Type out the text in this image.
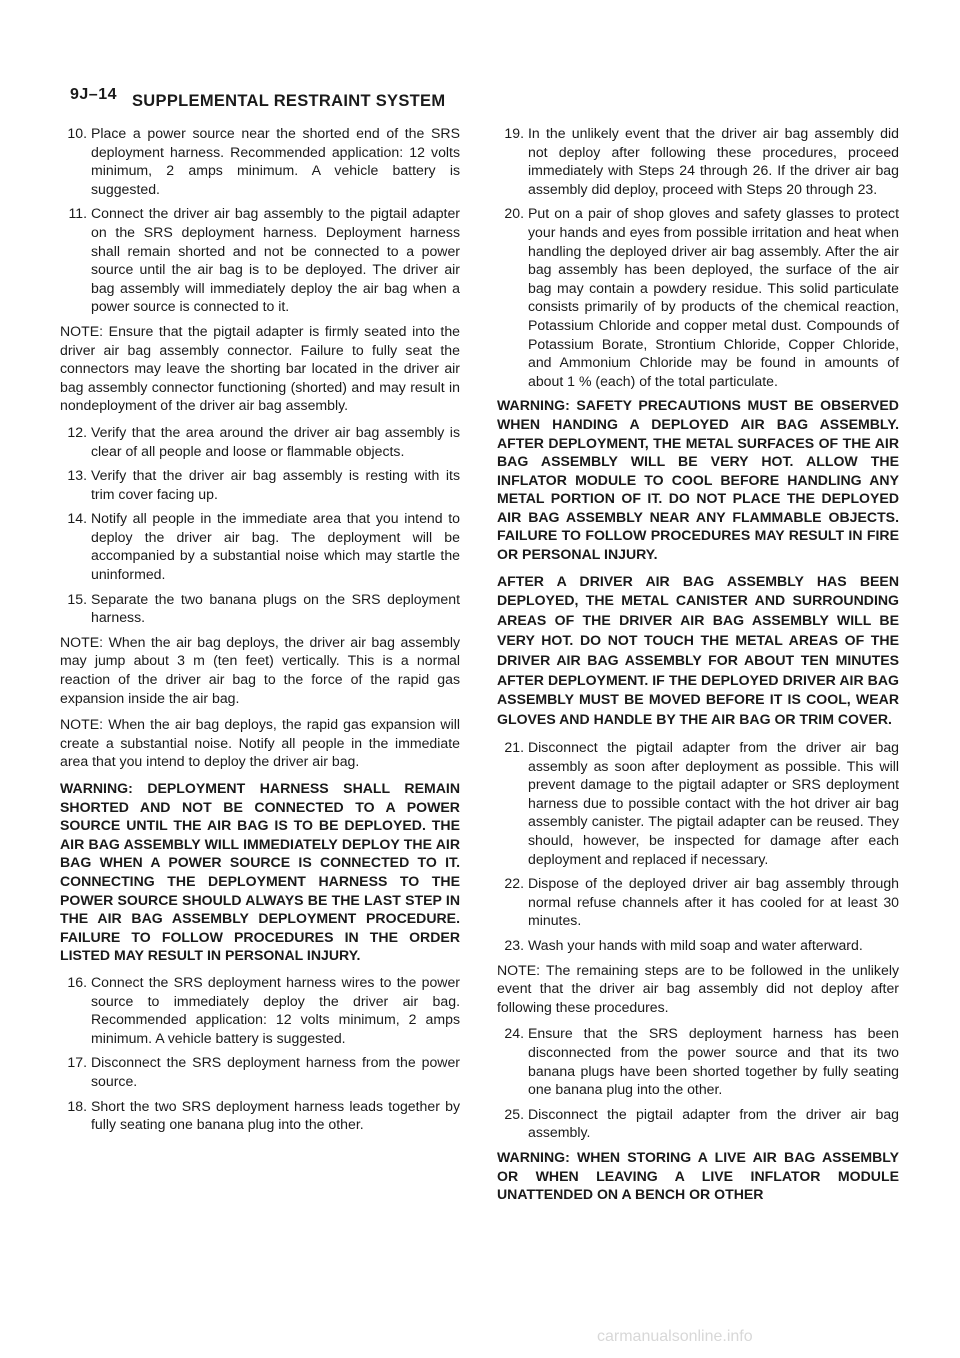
9J–14 SUPPLEMENTAL RESTRAINT SYSTEM
10. Place a power source near the shorted end of the SRS deployment harness. Recommended application: 12 volts minimum, 2 amps minimum. A vehicle battery is suggested.
11. Connect the driver air bag assembly to the pigtail adapter on the SRS deployment harness. Deployment harness shall remain shorted and not be connected to a power source until the air bag is to be deployed. The driver air bag assembly will immediately deploy the air bag when a power source is connected to it.

NOTE: Ensure that the pigtail adapter is firmly seated into the driver air bag assembly connector. Failure to fully seat the connectors may leave the shorting bar located in the driver air bag assembly connector functioning (shorted) and may result in nondeployment of the driver air bag assembly.

12. Verify that the area around the driver air bag assembly is clear of all people and loose or flammable objects.
13. Verify that the driver air bag assembly is resting with its trim cover facing up.
14. Notify all people in the immediate area that you intend to deploy the driver air bag. The deployment will be accompanied by a substantial noise which may startle the uninformed.
15. Separate the two banana plugs on the SRS deployment harness.

NOTE: When the air bag deploys, the driver air bag assembly may jump about 3 m (ten feet) vertically. This is a normal reaction of the driver air bag to the force of the rapid gas expansion inside the air bag.

NOTE: When the air bag deploys, the rapid gas expansion will create a substantial noise. Notify all people in the immediate area that you intend to deploy the driver air bag.

WARNING: DEPLOYMENT HARNESS SHALL REMAIN SHORTED AND NOT BE CONNECTED TO A POWER SOURCE UNTIL THE AIR BAG IS TO BE DEPLOYED. THE AIR BAG ASSEMBLY WILL IMMEDIATELY DEPLOY THE AIR BAG WHEN A POWER SOURCE IS CONNECTED TO IT. CONNECTING THE DEPLOYMENT HARNESS TO THE POWER SOURCE SHOULD ALWAYS BE THE LAST STEP IN THE AIR BAG ASSEMBLY DEPLOYMENT PROCEDURE. FAILURE TO FOLLOW PROCEDURES IN THE ORDER LISTED MAY RESULT IN PERSONAL INJURY.

16. Connect the SRS deployment harness wires to the power source to immediately deploy the driver air bag. Recommended application: 12 volts minimum, 2 amps minimum. A vehicle battery is suggested.
17. Disconnect the SRS deployment harness from the power source.
18. Short the two SRS deployment harness leads together by fully seating one banana plug into the other.
19. In the unlikely event that the driver air bag assembly did not deploy after following these procedures, proceed immediately with Steps 24 through 26. If the driver air bag assembly did deploy, proceed with Steps 20 through 23.
20. Put on a pair of shop gloves and safety glasses to protect your hands and eyes from possible irritation and heat when handling the deployed driver air bag assembly. After the air bag assembly has been deployed, the surface of the air bag may contain a powdery residue. This solid particulate consists primarily of by products of the chemical reaction, Potassium Chloride and copper metal dust. Compounds of Potassium Borate, Strontium Chloride, Copper Chloride, and Ammonium Chloride may be found in amounts of about 1 % (each) of the total particulate.

WARNING: SAFETY PRECAUTIONS MUST BE OBSERVED WHEN HANDING A DEPLOYED AIR BAG ASSEMBLY. AFTER DEPLOYMENT, THE METAL SURFACES OF THE AIR BAG ASSEMBLY WILL BE VERY HOT. ALLOW THE INFLATOR MODULE TO COOL BEFORE HANDLING ANY METAL PORTION OF IT. DO NOT PLACE THE DEPLOYED AIR BAG ASSEMBLY NEAR ANY FLAMMABLE OBJECTS. FAILURE TO FOLLOW PROCEDURES MAY RESULT IN FIRE OR PERSONAL INJURY.

AFTER A DRIVER AIR BAG ASSEMBLY HAS BEEN DEPLOYED, THE METAL CANISTER AND SURROUNDING AREAS OF THE DRIVER AIR BAG ASSEMBLY WILL BE VERY HOT. DO NOT TOUCH THE METAL AREAS OF THE DRIVER AIR BAG ASSEMBLY FOR ABOUT TEN MINUTES AFTER DEPLOYMENT. IF THE DEPLOYED DRIVER AIR BAG ASSEMBLY MUST BE MOVED BEFORE IT IS COOL, WEAR GLOVES AND HANDLE BY THE AIR BAG OR TRIM COVER.

21. Disconnect the pigtail adapter from the driver air bag assembly as soon after deployment as possible. This will prevent damage to the pigtail adapter or SRS deployment harness due to possible contact with the hot driver air bag assembly canister. The pigtail adapter can be reused. They should, however, be inspected for damage after each deployment and replaced if necessary.
22. Dispose of the deployed driver air bag assembly through normal refuse channels after it has cooled for at least 30 minutes.
23. Wash your hands with mild soap and water afterward.

NOTE: The remaining steps are to be followed in the unlikely event that the driver air bag assembly did not deploy after following these procedures.

24. Ensure that the SRS deployment harness has been disconnected from the power source and that its two banana plugs have been shorted together by fully seating one banana plug into the other.
25. Disconnect the pigtail adapter from the driver air bag assembly.

WARNING: WHEN STORING A LIVE AIR BAG ASSEMBLY OR WHEN LEAVING A LIVE INFLATOR MODULE UNATTENDED ON A BENCH OR OTHER

carmanualsonline.info
